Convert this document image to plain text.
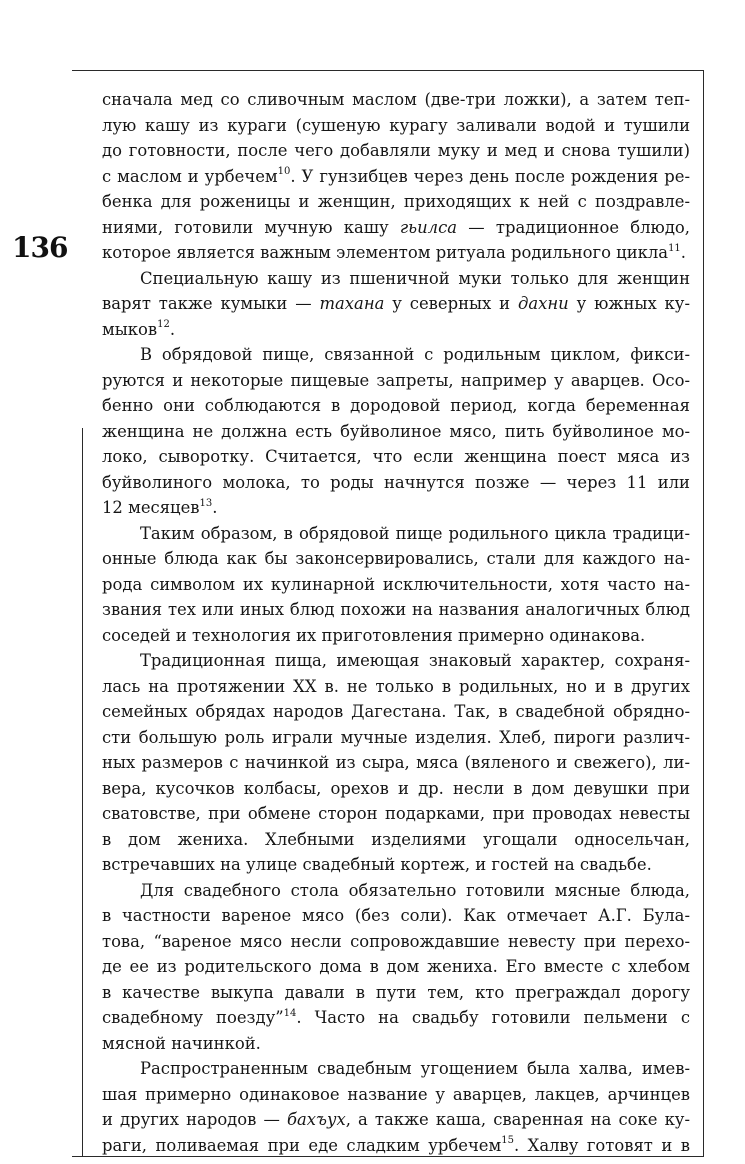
136
сначала мед со сливочным маслом (две-три ложки), а затем теп-
лую кашу из кураги (сушеную курагу заливали водой и тушили
до готовности, после чего добавляли муку и мед и снова тушили)
с маслом и урбечем$^{10}$. У гунзибцев через день после рождения ре-
бенка для роженицы и женщин, приходящих к ней с поздравле-
ниями, готовили мучную кашу гьилса — традиционное блюдо,
которое является важным элементом ритуала родильного цикла$^{11}$.
Специальную кашу из пшеничной муки только для женщин
варят также кумыки — тахана у северных и дахни у южных ку-
мыков$^{12}$.
В обрядовой пище, связанной с родильным циклом, фикси-
руются и некоторые пищевые запреты, например у аварцев. Осо-
бенно они соблюдаются в дородовой период, когда беременная
женщина не должна есть буйволиное мясо, пить буйволиное мо-
локо, сыворотку. Считается, что если женщина поест мяса из
буйволиного молока, то роды начнутся позже — через 11 или
12 месяцев$^{13}$.
Таким образом, в обрядовой пище родильного цикла традици-
онные блюда как бы законсервировались, стали для каждого на-
рода символом их кулинарной исключительности, хотя часто на-
звания тех или иных блюд похожи на названия аналогичных блюд
соседей и технология их приготовления примерно одинакова.
Традиционная пища, имеющая знаковый характер, сохраня-
лась на протяжении XX в. не только в родильных, но и в других
семейных обрядах народов Дагестана. Так, в свадебной обрядно-
сти большую роль играли мучные изделия. Хлеб, пироги различ-
ных размеров с начинкой из сыра, мяса (вяленого и свежего), ли-
вера, кусочков колбасы, орехов и др. несли в дом девушки при
сватовстве, при обмене сторон подарками, при проводах невесты
в дом жениха. Хлебными изделиями угощали односельчан,
встречавших на улице свадебный кортеж, и гостей на свадьбе.
Для свадебного стола обязательно готовили мясные блюда,
в частности вареное мясо (без соли). Как отмечает А.Г. Була-
това, “вареное мясо несли сопровождавшие невесту при перехо-
де ее из родительского дома в дом жениха. Его вместе с хлебом
в качестве выкупа давали в пути тем, кто преграждал дорогу
свадебному поезду”$^{14}$. Часто на свадьбу готовили пельмени с
мясной начинкой.
Распространенным свадебным угощением была халва, имев-
шая примерно одинаковое название у аварцев, лакцев, арчинцев
и других народов — бахъух, а также каша, сваренная на соке ку-
раги, поливаемая при еде сладким урбечем$^{15}$. Халву готовят и в
